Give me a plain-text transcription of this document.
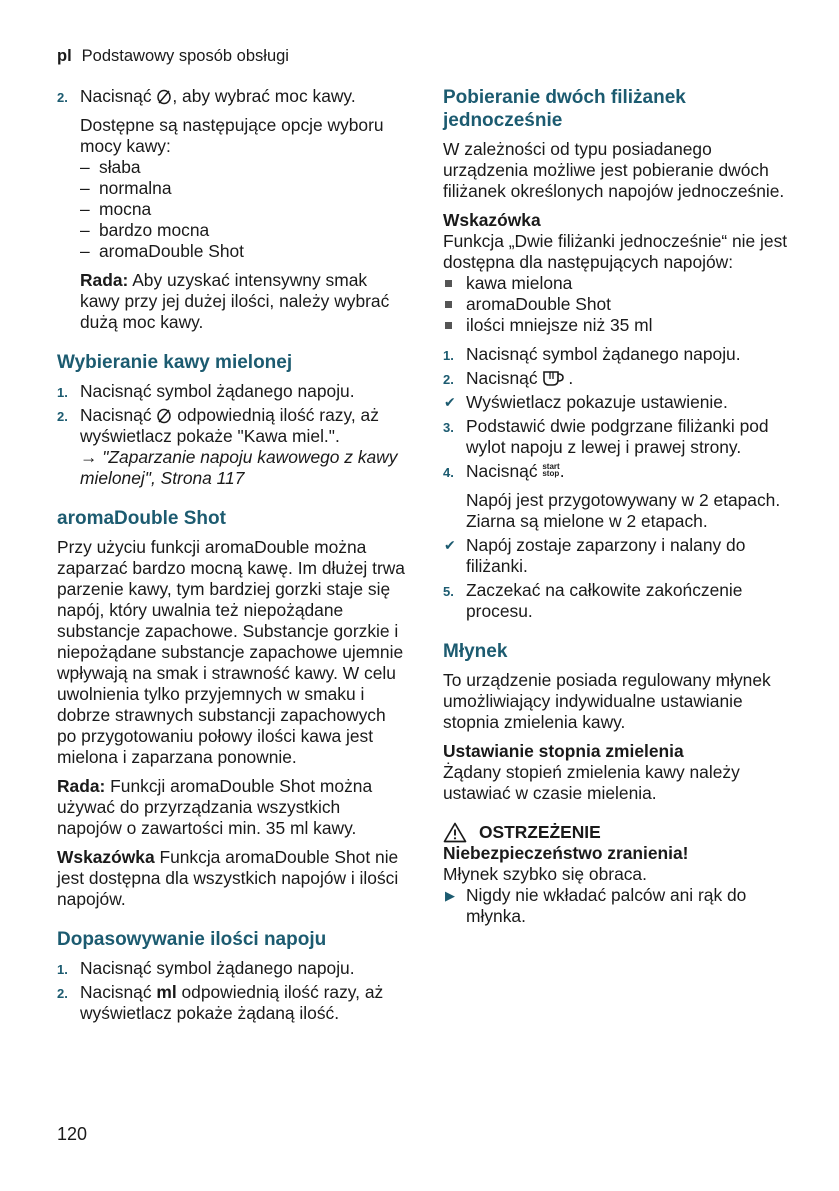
pl Podstawowy sposób obsługi
2. Nacisnąć , aby wybrać moc kawy.

Dostępne są następujące opcje wyboru mocy kawy:

– słaba
– normalna
– mocna
– bardzo mocna
– aromaDouble Shot

Rada: Aby uzyskać intensywny smak kawy przy jej dużej ilości, należy wybrać dużą moc kawy.

Wybieranie kawy mielonej
1. Nacisnąć symbol żądanego napoju.
2. Nacisnąć  odpowiednią ilość razy, aż wyświetlacz pokaże "Kawa miel.".
→ "Zaparzanie napoju kawowego z kawy mielonej", Strona 117
aromaDouble Shot

Przy użyciu funkcji aromaDouble można zaparzać bardzo mocną kawę. Im dłużej trwa parzenie kawy, tym bardziej gorzki staje się napój, który uwalnia też niepożądane substancje zapachowe. Substancje gorzkie i niepożądane substancje zapachowe ujemnie wpływają na smak i strawność kawy. W celu uwolnienia tylko przyjemnych w smaku i dobrze strawnych substancji zapachowych po przygotowaniu połowy ilości kawa jest mielona i zaparzana ponownie.

Rada: Funkcji aromaDouble Shot można używać do przyrządzania wszystkich napojów o zawartości min. 35 ml kawy.

Wskazówka Funkcja aromaDouble Shot nie jest dostępna dla wszystkich napojów i ilości napojów.

Dopasowywanie ilości napoju
1. Nacisnąć symbol żądanego napoju.
2. Nacisnąć ml odpowiednią ilość razy, aż wyświetlacz pokaże żądaną ilość.
Pobieranie dwóch filiżanek jednocześnie

W zależności od typu posiadanego urządzenia możliwe jest pobieranie dwóch filiżanek określonych napojów jednocześnie.

Wskazówka

Funkcja „Dwie filiżanki jednocześnie“ nie jest dostępna dla następujących napojów:

kawa mielona
aromaDouble Shot
ilości mniejsze niż 35 ml
1. Nacisnąć symbol żądanego napoju.
2. Nacisnąć .
✔ Wyświetlacz pokazuje ustawienie.
3. Podstawić dwie podgrzane filiżanki pod wylot napoju z lewej i prawej strony.
4. Nacisnąć start
stop.

Napój jest przygotowywany w 2 etapach. Ziarna są mielone w 2 etapach.

✔ Napój zostaje zaparzony i nalany do filiżanki.
5. Zaczekać na całkowite zakończenie procesu.
Młynek

To urządzenie posiada regulowany młynek umożliwiający indywidualne ustawianie stopnia zmielenia kawy.

Ustawianie stopnia zmielenia

Żądany stopień zmielenia kawy należy ustawiać w czasie mielenia.

OSTRZEŻENIE

Niebezpieczeństwo zranienia!

Młynek szybko się obraca.

▶ Nigdy nie wkładać palców ani rąk do młynka.
120
